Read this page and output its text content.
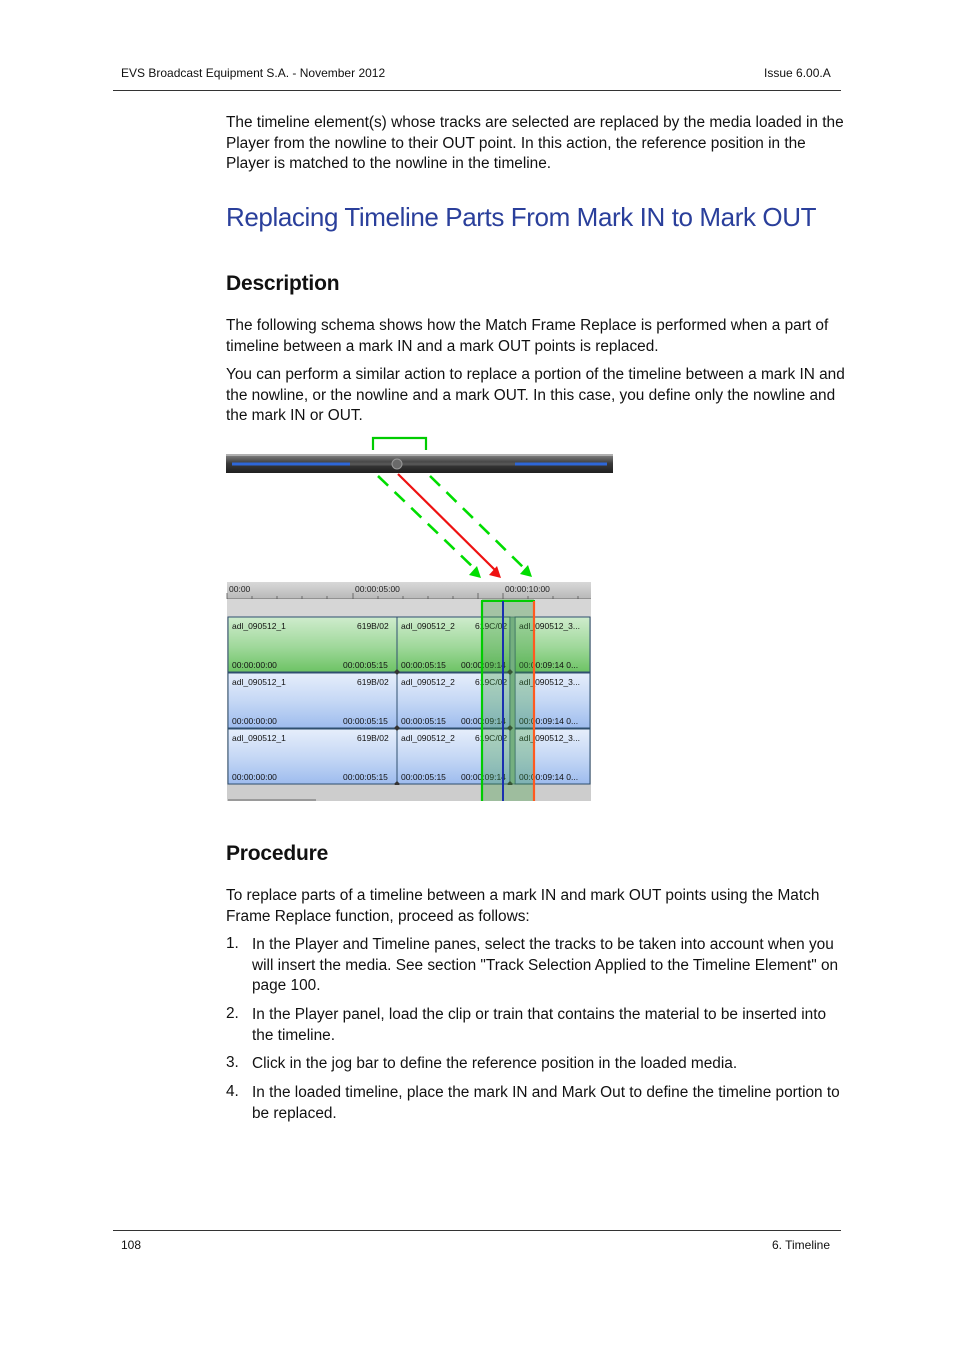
EVS Broadcast Equipment S.A. - November 2012	Issue 6.00.A
The timeline element(s) whose tracks are selected are replaced by the media loaded in the Player from the nowline to their OUT point. In this action, the reference position in the Player is matched to the nowline in the timeline.
Replacing Timeline Parts From Mark IN to Mark OUT
Description
The following schema shows how the Match Frame Replace is performed when a part of timeline between a mark IN and a mark OUT points is replaced.
You can perform a similar action to replace a portion of the timeline between a mark IN and the nowline, or the nowline and a mark OUT. In this case, you define only the nowline and the mark IN or OUT.
00:00	00:00:05:00	00:00:10:00
adl_090512_1	619B/02
00:00:00:00	00:00:05:15
adl_090512_2 619C/02
00:00:05:15 00:00:09:14
adl_090512_3...
00:00:09:14 0...
adl_090512_1	619B/02
00:00:00:00	00:00:05:15
adl_090512_2 619C/02
00:00:05:15 00:00:09:14
adl_090512_3...
00:00:09:14 0...
adl_090512_1	619B/02
00:00:00:00	00:00:05:15
adl_090512_2 619C/02
00:00:05:15 00:00:09:14
adl_090512_3...
00:00:09:14 0...
Procedure
To replace parts of a timeline between a mark IN and mark OUT points using the Match Frame Replace function, proceed as follows:
1. In the Player and Timeline panes, select the tracks to be taken into account when you will insert the media. See section "Track Selection Applied to the Timeline Element" on page 100.
2. In the Player panel, load the clip or train that contains the material to be inserted into the timeline.
3. Click in the jog bar to define the reference position in the loaded media.
4. In the loaded timeline, place the mark IN and Mark Out to define the timeline portion to be replaced.
108	6. Timeline
